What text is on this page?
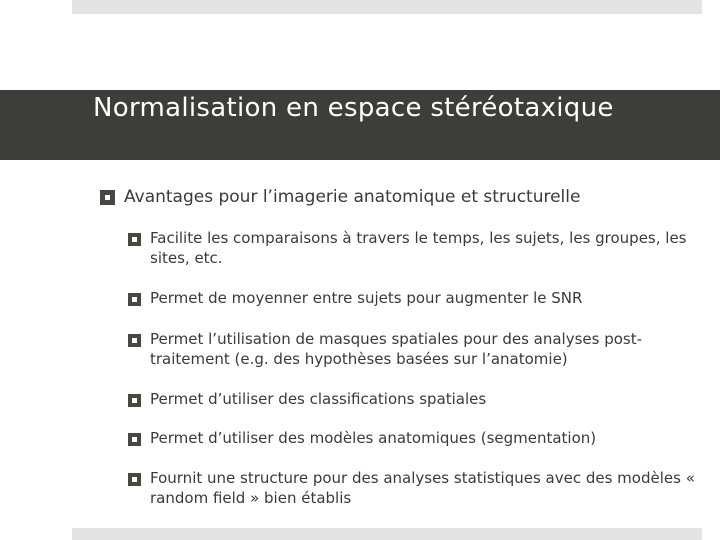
Normalisation en espace stéréotaxique
Avantages pour l’imagerie anatomique et structurelle
Facilite les comparaisons à travers le temps, les sujets, les groupes, les sites, etc.
Permet de moyenner entre sujets pour augmenter le SNR
Permet l’utilisation de masques spatiales pour des analyses post-traitement (e.g. des hypothèses basées sur l’anatomie)
Permet d’utiliser des classifications spatiales
Permet d’utiliser des modèles anatomiques (segmentation)
Fournit une structure pour des analyses statistiques avec des modèles « random field » bien établis
